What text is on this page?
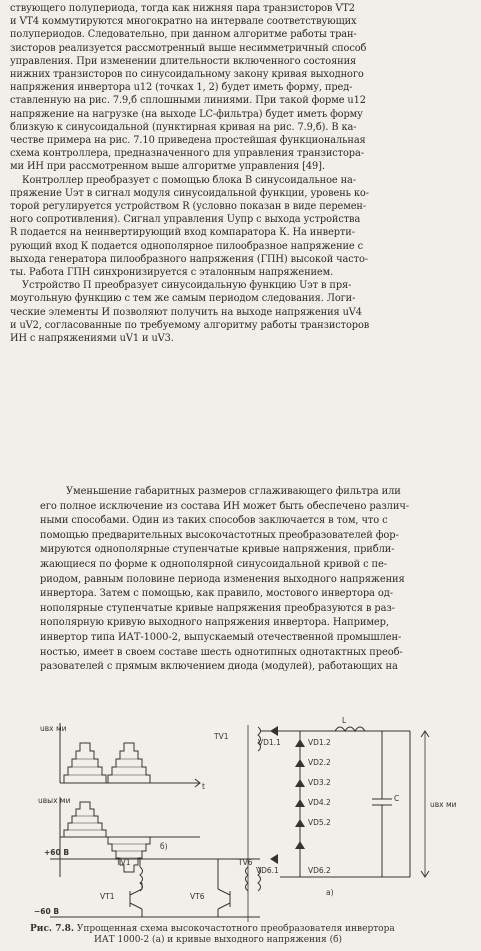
ствующего полупериода, тогда как нижняя пара транзисторов VT2
и VT4 коммутируются многократно на интервале соответствующих
полупериодов. Следовательно, при данном алгоритме работы тран-
зисторов реализуется рассмотренный выше несимметричный способ
управления. При изменении длительности включенного состояния
нижних транзисторов по синусоидальному закону кривая выходного
напряжения инвертора u12 (точках 1, 2) будет иметь форму, пред-
ставленную на рис. 7.9,б сплошными линиями. При такой форме u12
напряжение на нагрузке (на выходе LC-фильтра) будет иметь форму
близкую к синусоидальной (пунктирная кривая на рис. 7.9,б). В ка-
честве примера на рис. 7.10 приведена простейшая функциональная
схема контроллера, предназначенного для управления транзистора-
ми ИН при рассмотренном выше алгоритме управления [49].
Контроллер преобразует с помощью блока В синусоидальное на-
пряжение Uэт в сигнал модуля синусоидальной функции, уровень ко-
торой регулируется устройством R (условно показан в виде перемен-
ного сопротивления). Сигнал управления Uупр с выхода устройства
R подается на неинвертирующий вход компаратора К. На инверти-
рующий вход К подается однополярное пилообразное напряжение с
выхода генератора пилообразного напряжения (ГПН) высокой часто-
ты. Работа ГПН синхронизируется с эталонным напряжением.
Устройство П преобразует синусоидальную функцию Uэт в пря-
моугольную функцию с тем же самым периодом следования. Логи-
ческие элементы И позволяют получить на выходе напряжения uV4
и uV2, согласованные по требуемому алгоритму работы транзисторов
ИН с напряжениями uV1 и uV3.
Уменьшение габаритных размеров сглаживающего фильтра или
его полное исключение из состава ИН может быть обеспечено различ-
ными способами. Один из таких способов заключается в том, что с
помощью предварительных высокочастотных преобразователей фор-
мируются однополярные ступенчатые кривые напряжения, прибли-
жающиеся по форме к однополярной синусоидальной кривой с пе-
риодом, равным половине периода изменения выходного напряжения
инвертора. Затем с помощью, как правило, мостового инвертора од-
нополярные ступенчатые кривые напряжения преобразуются в раз-
нополярную кривую выходного напряжения инвертора. Например,
инвертор типа ИАТ-1000-2, выпускаемый отечественной промышлен-
ностью, имеет в своем составе шесть однотипных однотактных преоб-
разователей с прямым включением диода (модулей), работающих на
uвх ми
uвых ми
t
б)
а)
+60 В
−60 В
TV1
TV1	TV6
VT1	VT6
L
C
uвх ми
VD1.1	VD1.2
VD2.2
VD3.2
VD4.2
VD5.2
VD6.1	VD6.2
Рис. 7.8. Упрощенная схема высокочастотного преобразователя инвертора
ИАТ 1000-2 (а) и кривые выходного напряжения (б)
